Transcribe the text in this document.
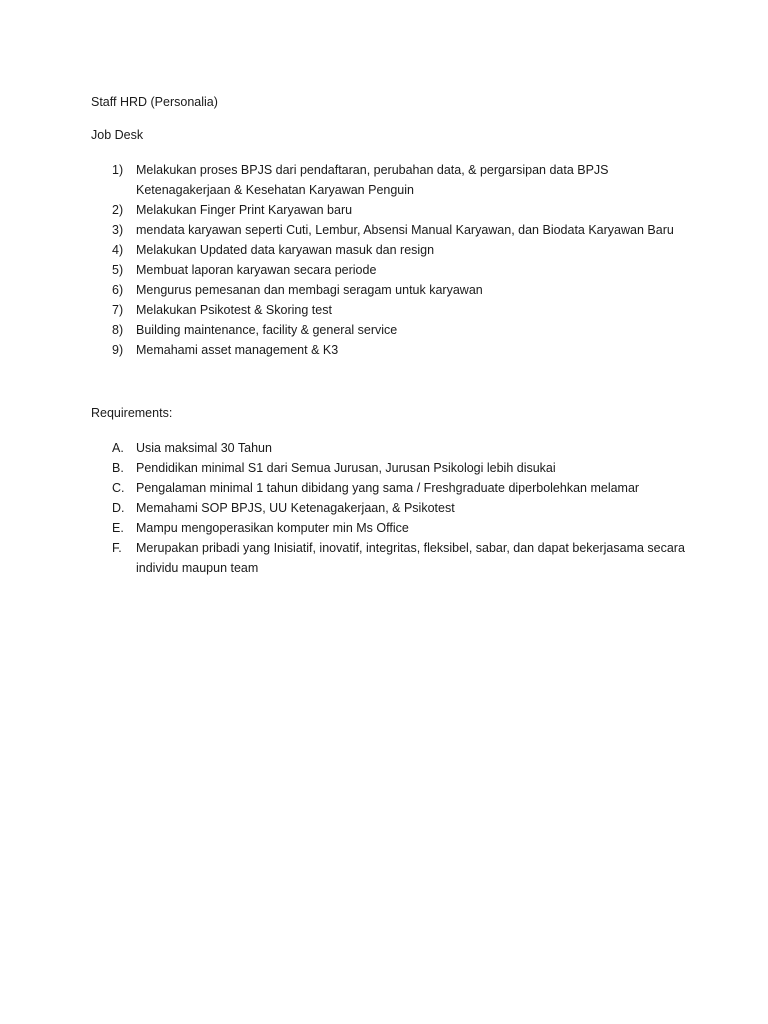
Staff HRD (Personalia)
Job Desk
1) Melakukan proses BPJS dari pendaftaran, perubahan data, & pergarsipan data BPJS Ketenagakerjaan & Kesehatan Karyawan Penguin
2) Melakukan Finger Print Karyawan baru
3) mendata karyawan seperti Cuti, Lembur, Absensi Manual Karyawan, dan Biodata Karyawan Baru
4) Melakukan Updated data karyawan masuk dan resign
5) Membuat laporan karyawan secara periode
6) Mengurus pemesanan dan membagi seragam untuk karyawan
7) Melakukan Psikotest & Skoring test
8) Building maintenance, facility & general service
9) Memahami asset management & K3
Requirements:
A. Usia maksimal 30 Tahun
B. Pendidikan minimal S1 dari Semua Jurusan, Jurusan Psikologi lebih disukai
C. Pengalaman minimal 1 tahun dibidang yang sama / Freshgraduate diperbolehkan melamar
D. Memahami SOP BPJS, UU Ketenagakerjaan, & Psikotest
E. Mampu mengoperasikan komputer min Ms Office
F. Merupakan pribadi yang Inisiatif, inovatif, integritas, fleksibel, sabar, dan dapat bekerjasama secara individu maupun team
